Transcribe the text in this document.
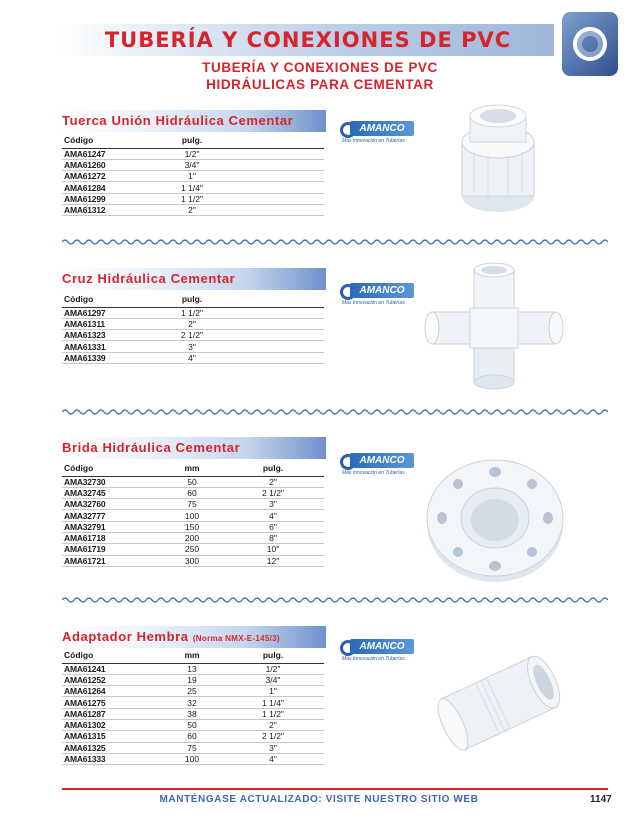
TUBERÍA Y CONEXIONES DE PVC
TUBERÍA Y CONEXIONES DE PVC
HIDRÁULICAS PARA CEMENTAR
Tuerca Unión Hidráulica Cementar
Código	pulg.	
AMA61247	1/2"	
AMA61260	3/4"	
AMA61272	1"	
AMA61284	1 1/4"	
AMA61299	1 1/2"	
AMA61312	2"	
AMANCO
Más Innovación en Tuberías
Cruz Hidráulica Cementar
Código	pulg.	
AMA61297	1 1/2"	
AMA61311	2"	
AMA61323	2 1/2"	
AMA61331	3"	
AMA61339	4"	
AMANCO
Más Innovación en Tuberías
Brida Hidráulica Cementar
Código	mm	pulg.
AMA32730	50	2"
AMA32745	60	2 1/2"
AMA32760	75	3"
AMA32777	100	4"
AMA32791	150	6"
AMA61718	200	8"
AMA61719	250	10"
AMA61721	300	12"
AMANCO
Más Innovación en Tuberías
Adaptador Hembra (Norma NMX-E-145/3)
Código	mm	pulg.
AMA61241	13	1/2"
AMA61252	19	3/4"
AMA61264	25	1"
AMA61275	32	1 1/4"
AMA61287	38	1 1/2"
AMA61302	50	2"
AMA61315	60	2 1/2"
AMA61325	75	3"
AMA61333	100	4"
AMANCO
Más Innovación en Tuberías
MANTÉNGASE ACTUALIZADO: VISITE NUESTRO SITIO WEB	1147
